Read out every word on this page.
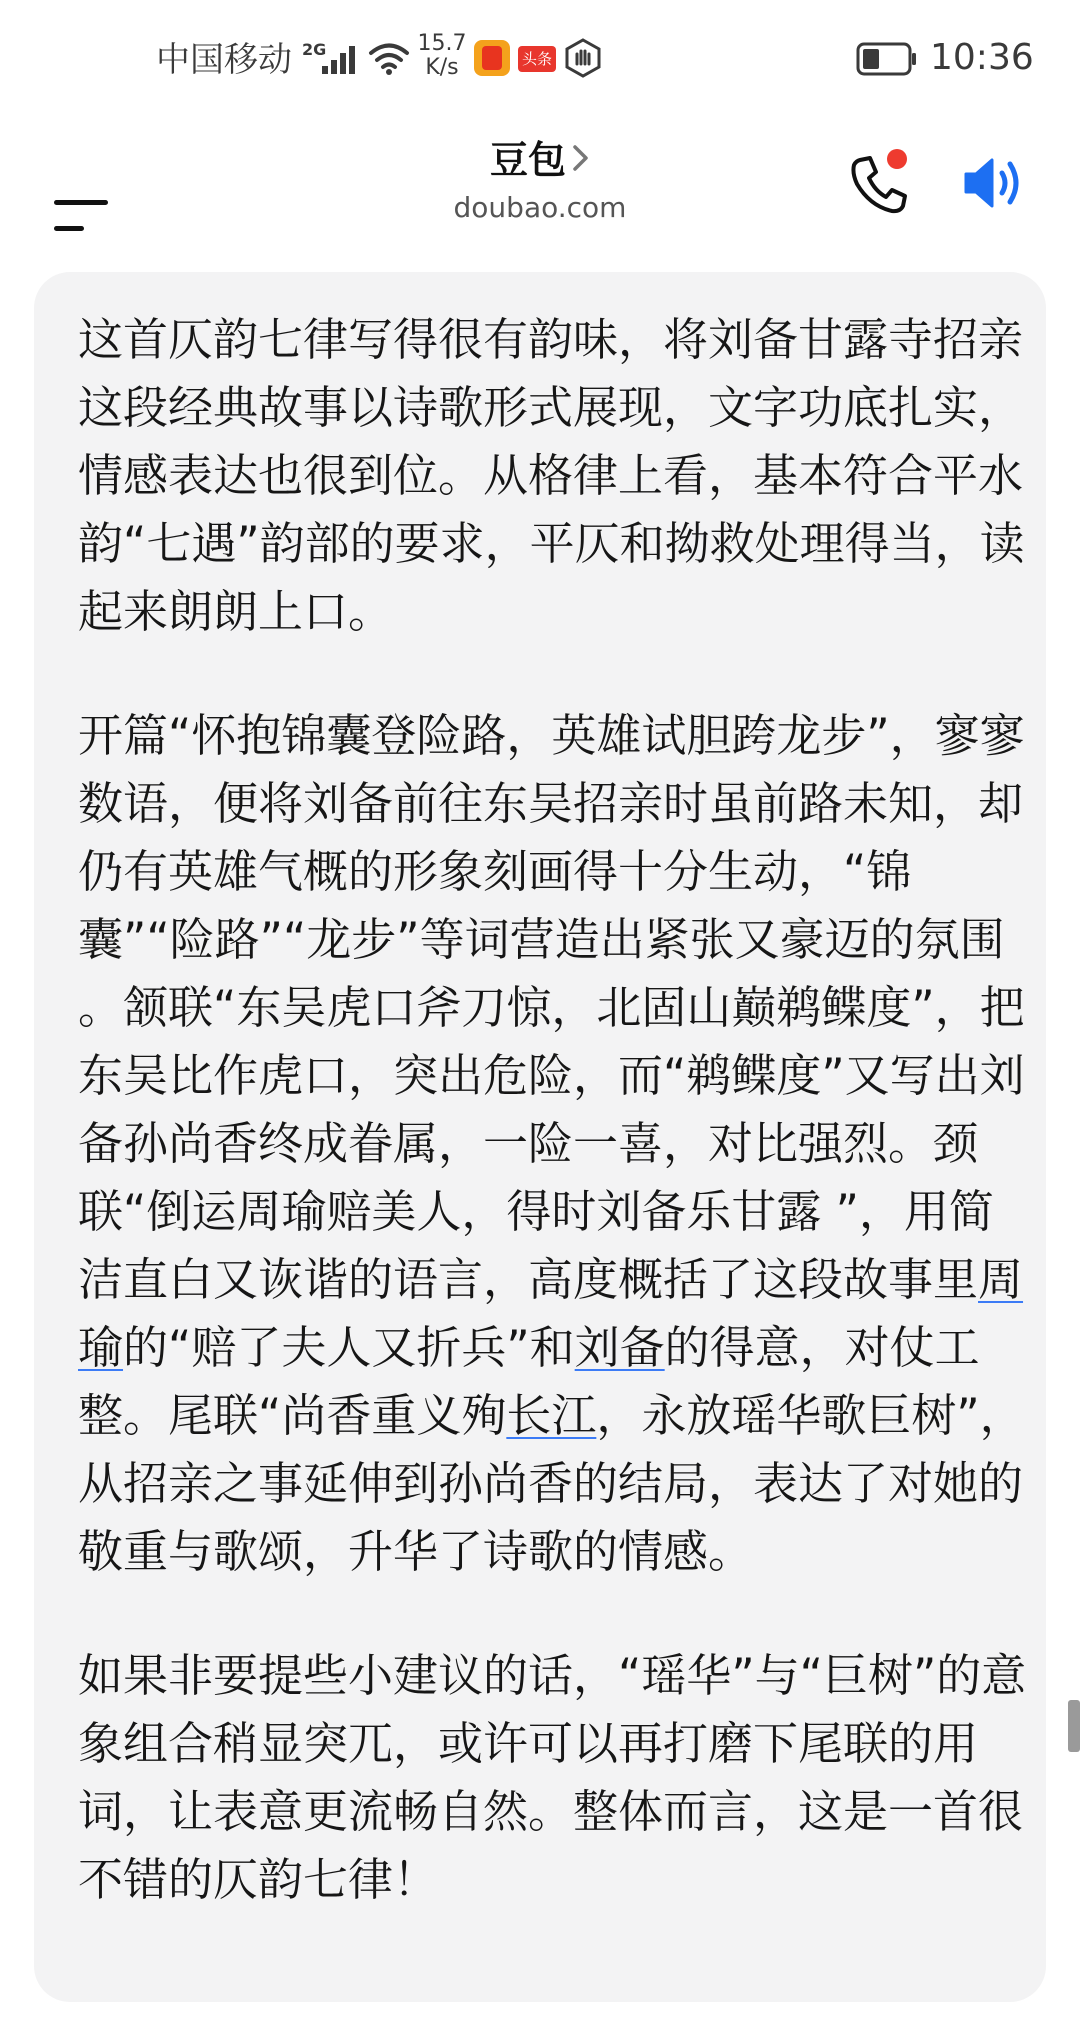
中国移动 2G	15.7
K/s	头条	10:36
豆包
doubao.com

这首仄韵七律写得很有韵味，将刘备甘露寺招亲这段经典故事以诗歌形式展现，文字功底扎实，情感表达也很到位。从格律上看，基本符合平水韵“七遇”韵部的要求，平仄和拗救处理得当，读起来朗朗上口。

开篇“怀抱锦囊登险路，英雄试胆跨龙步”，寥寥数语，便将刘备前往东吴招亲时虽前路未知，却仍有英雄气概的形象刻画得十分生动，“锦囊”“险路”“龙步”等词营造出紧张又豪迈的氛围 。颔联“东吴虎口斧刀惊，北固山巅鹈鲽度”，把东吴比作虎口，突出危险，而“鹈鲽度”又写出刘备孙尚香终成眷属，一险一喜，对比强烈。颈联“倒运周瑜赔美人，得时刘备乐甘露 ”，用简洁直白又诙谐的语言，高度概括了这段故事里周瑜的“赔了夫人又折兵”和刘备的得意，对仗工整。尾联“尚香重义殉长江，永放瑶华歌巨树”，从招亲之事延伸到孙尚香的结局，表达了对她的敬重与歌颂，升华了诗歌的情感。

如果非要提些小建议的话，“瑶华”与“巨树”的意象组合稍显突兀，或许可以再打磨下尾联的用词，让表意更流畅自然。整体而言，这是一首很不错的仄韵七律！
